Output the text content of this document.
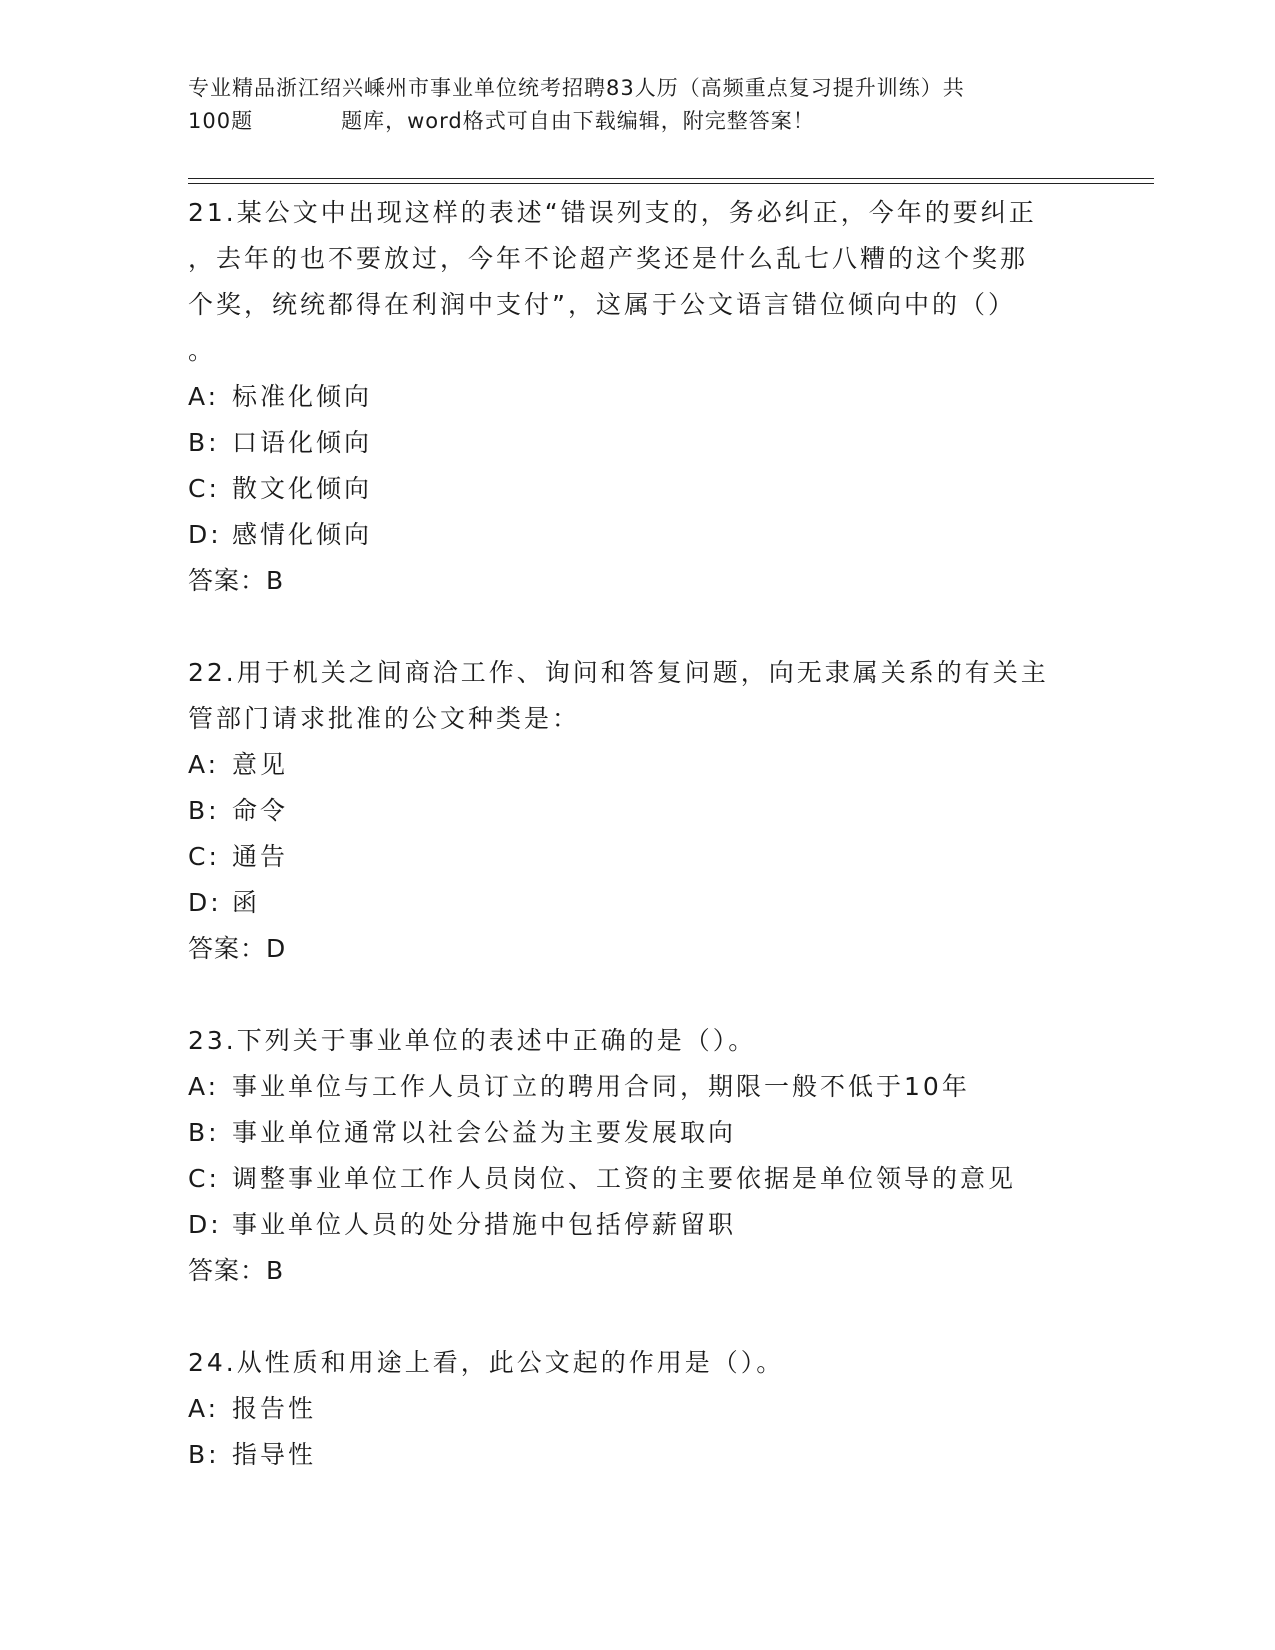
专业精品浙江绍兴嵊州市事业单位统考招聘83人历（高频重点复习提升训练）共
100题	题库，word格式可自由下载编辑，附完整答案！
21.某公文中出现这样的表述“错误列支的，务必纠正，今年的要纠正
，去年的也不要放过，今年不论超产奖还是什么乱七八糟的这个奖那
个奖，统统都得在利润中支付”，这属于公文语言错位倾向中的（）
。
A: 标准化倾向
B: 口语化倾向
C: 散文化倾向
D: 感情化倾向
答案：B
22.用于机关之间商洽工作、询问和答复问题，向无隶属关系的有关主
管部门请求批准的公文种类是：
A: 意见
B: 命令
C: 通告
D: 函
答案：D
23.下列关于事业单位的表述中正确的是（）。
A: 事业单位与工作人员订立的聘用合同，期限一般不低于10年
B: 事业单位通常以社会公益为主要发展取向
C: 调整事业单位工作人员岗位、工资的主要依据是单位领导的意见
D: 事业单位人员的处分措施中包括停薪留职
答案：B
24.从性质和用途上看，此公文起的作用是（）。
A: 报告性
B: 指导性
